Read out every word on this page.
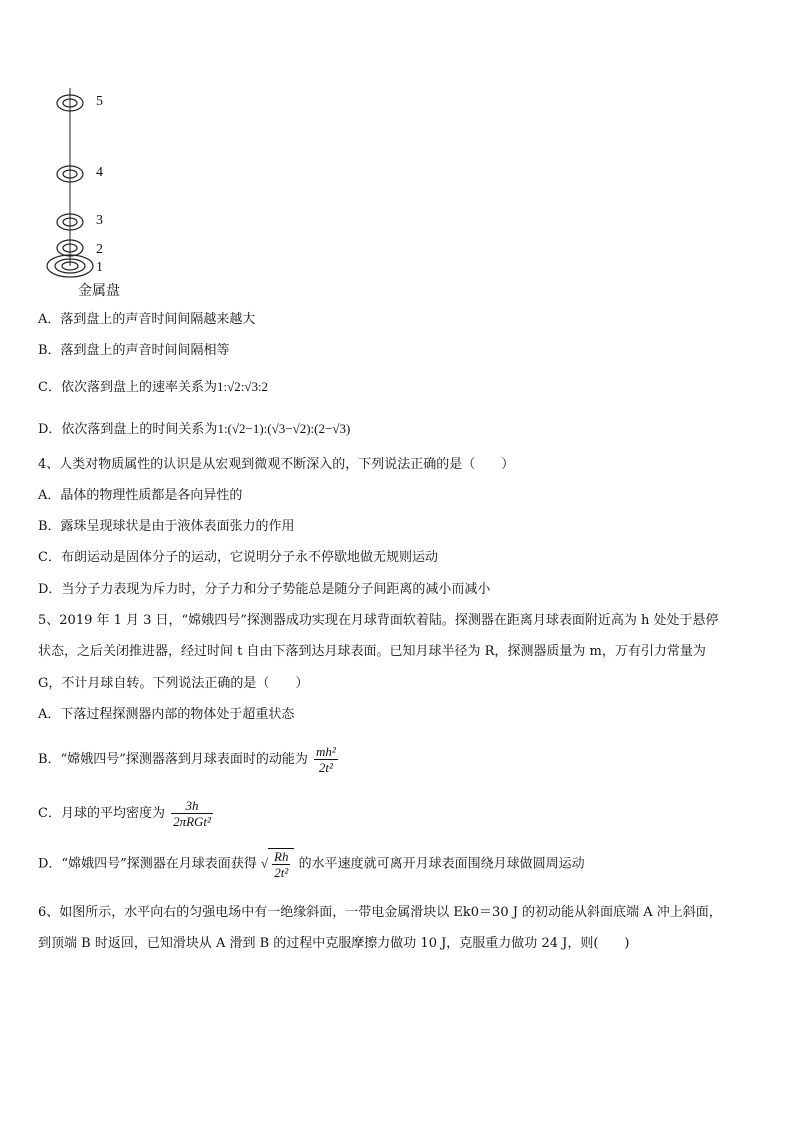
5
4
3
2
1
金属盘
A．落到盘上的声音时间间隔越来越大
B．落到盘上的声音时间间隔相等
C．依次落到盘上的速率关系为1:√2:√3:2
D．依次落到盘上的时间关系为1:(√2−1):(√3−√2):(2−√3)
4、人类对物质属性的认识是从宏观到微观不断深入的，下列说法正确的是（　　）
A．晶体的物理性质都是各向异性的
B．露珠呈现球状是由于液体表面张力的作用
C．布朗运动是固体分子的运动，它说明分子永不停歇地做无规则运动
D．当分子力表现为斥力时，分子力和分子势能总是随分子间距离的减小而减小
5、2019 年 1 月 3 日，“嫦娥四号”探测器成功实现在月球背面软着陆。探测器在距离月球表面附近高为 h 处处于悬停
状态，之后关闭推进器，经过时间 t 自由下落到达月球表面。已知月球半径为 R，探测器质量为 m，万有引力常量为
G，不计月球自转。下列说法正确的是（　　）
A．下落过程探测器内部的物体处于超重状态
B．“嫦娥四号”探测器落到月球表面时的动能为 $\frac{\text{mh²}}{\text{2t²}}$
C．月球的平均密度为 $\frac{3h}{\text{2πRGt²}}$
D．“嫦娥四号”探测器在月球表面获得 √ $\frac{Rh}{\text{2t²}}$ 的水平速度就可离开月球表面围绕月球做圆周运动
6、如图所示，水平向右的匀强电场中有一绝缘斜面，一带电金属滑块以 Ek0＝30 J 的初动能从斜面底端 A 冲上斜面，
到顶端 B 时返回，已知滑块从 A 滑到 B 的过程中克服摩擦力做功 10 J，克服重力做功 24 J，则(　　)
